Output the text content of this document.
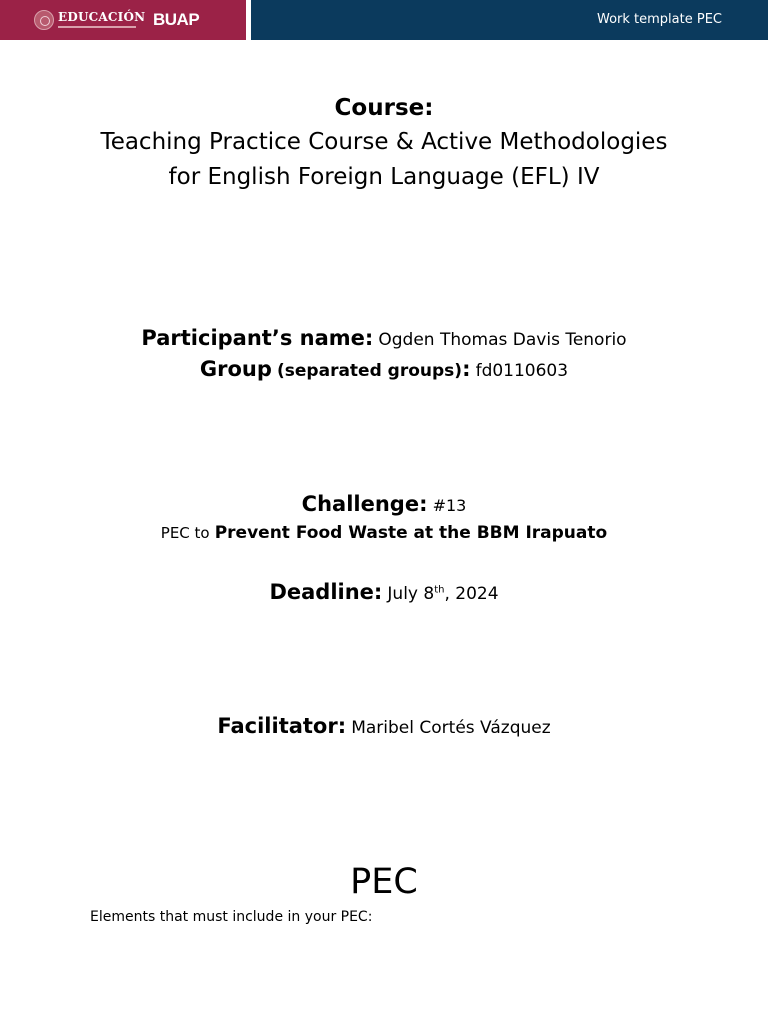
EDUCACIÓN BUAP	Work template PEC
Course:
Teaching Practice Course & Active Methodologies for English Foreign Language (EFL) IV
Participant’s name: Ogden Thomas Davis Tenorio
Group (separated groups): fd0110603
Challenge: #13
PEC to Prevent Food Waste at the BBM Irapuato
Deadline: July 8th, 2024
Facilitator: Maribel Cortés Vázquez
PEC
Elements that must include in your PEC:
